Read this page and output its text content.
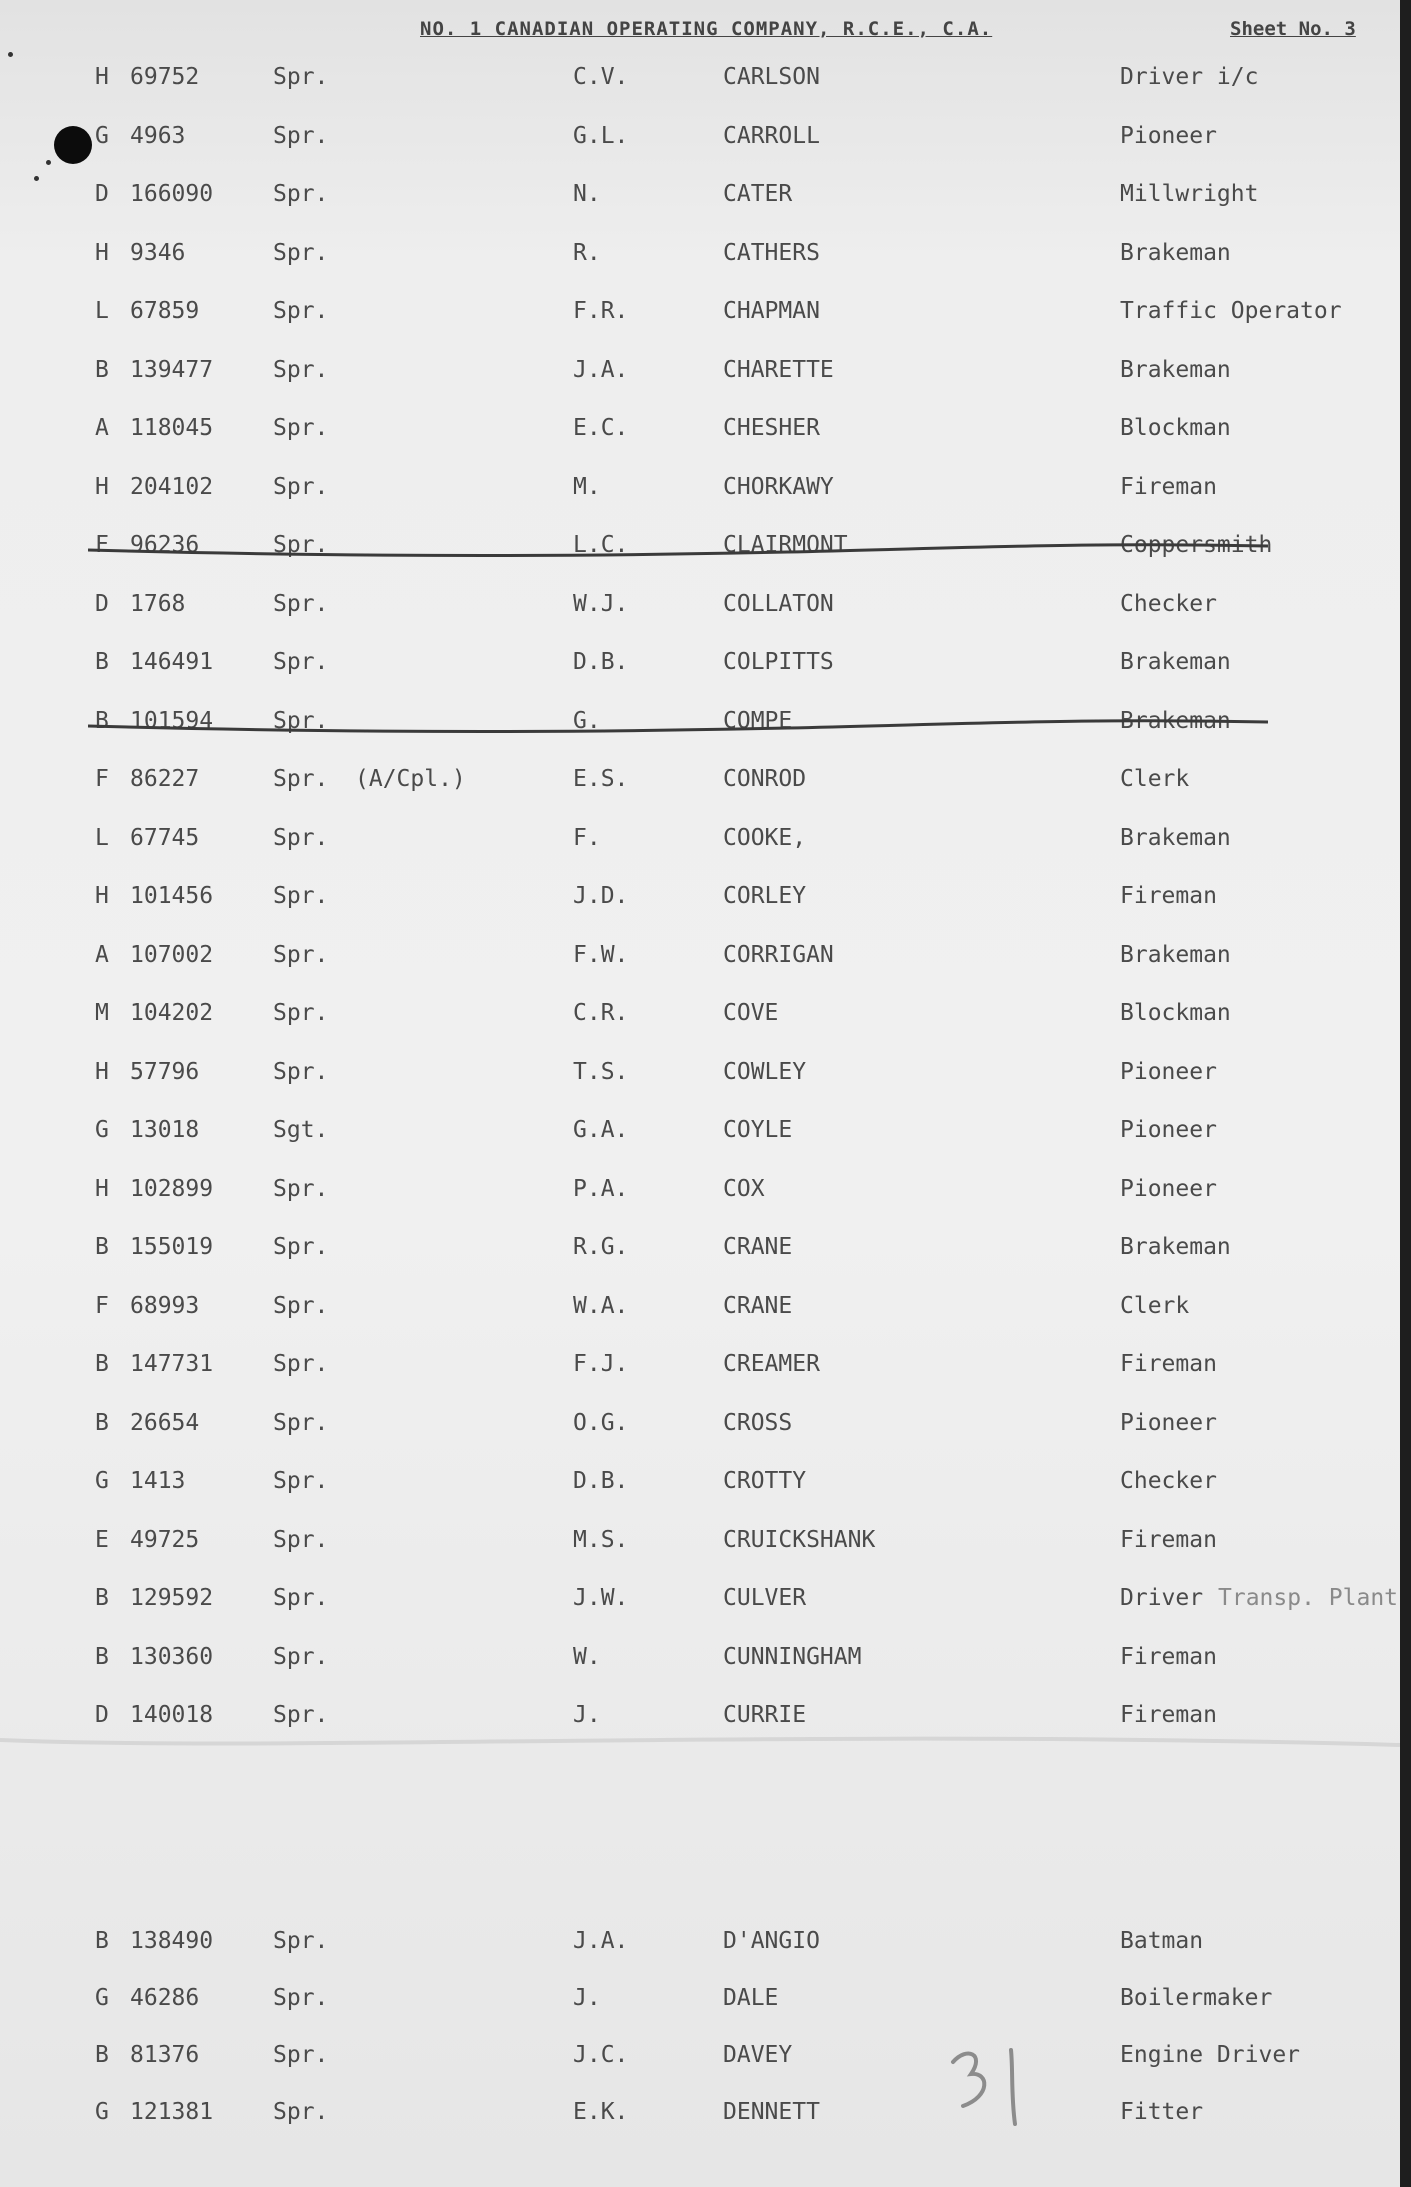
NO. 1 CANADIAN OPERATING COMPANY, R.C.E., C.A.	Sheet No. 3
H 69752	Spr.	C.V.	CARLSON	Driver i/c
G 4963	Spr.	G.L.	CARROLL	Pioneer
D 166090	Spr.	N.	CATER	Millwright
H 9346	Spr.	R.	CATHERS	Brakeman
L 67859	Spr.	F.R.	CHAPMAN	Traffic Operator
B 139477	Spr.	J.A.	CHARETTE	Brakeman
A 118045	Spr.	E.C.	CHESHER	Blockman
H 204102	Spr.	M.	CHORKAWY	Fireman
F 96236	Spr.	L.C.	CLAIRMONT	Coppersmith
D 1768	Spr.	W.J.	COLLATON	Checker
B 146491	Spr.	D.B.	COLPITTS	Brakeman
B 101594	Spr.	G.	COMPE	Brakeman
F 86227	Spr. (A/Cpl.)	E.S.	CONROD	Clerk
L 67745	Spr.	F.	COOKE,	Brakeman
H 101456	Spr.	J.D.	CORLEY	Fireman
A 107002	Spr.	F.W.	CORRIGAN	Brakeman
M 104202	Spr.	C.R.	COVE	Blockman
H 57796	Spr.	T.S.	COWLEY	Pioneer
G 13018	Sgt.	G.A.	COYLE	Pioneer
H 102899	Spr.	P.A.	COX	Pioneer
B 155019	Spr.	R.G.	CRANE	Brakeman
F 68993	Spr.	W.A.	CRANE	Clerk
B 147731	Spr.	F.J.	CREAMER	Fireman
B 26654	Spr.	O.G.	CROSS	Pioneer
G 1413	Spr.	D.B.	CROTTY	Checker
E 49725	Spr.	M.S.	CRUICKSHANK	Fireman
B 129592	Spr.	J.W.	CULVER	Driver Transp. Plant
B 130360	Spr.	W.	CUNNINGHAM	Fireman
D 140018	Spr.	J.	CURRIE	Fireman
B 138490	Spr.	J.A.	D'ANGIO	Batman
G 46286	Spr.	J.	DALE	Boilermaker
B 81376	Spr.	J.C.	DAVEY	Engine Driver
G 121381	Spr.	E.K.	DENNETT	Fitter
